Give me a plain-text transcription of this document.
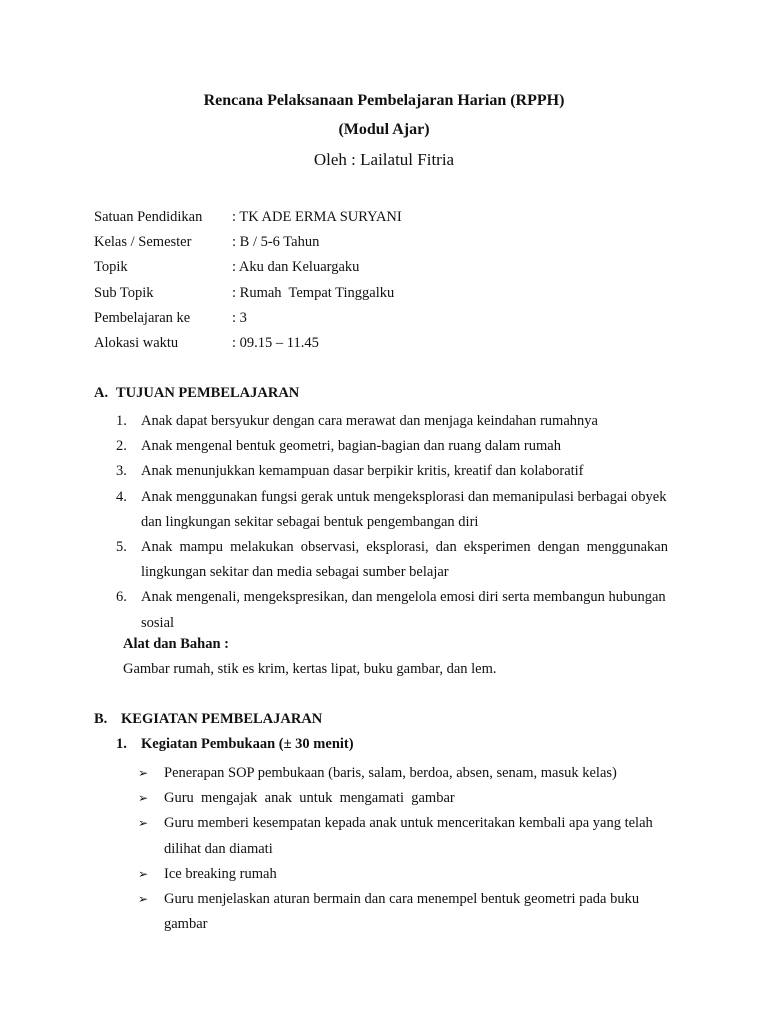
Rencana Pelaksanaan Pembelajaran Harian (RPPH)
(Modul Ajar)
Oleh : Lailatul Fitria
Satuan Pendidikan	: TK ADE ERMA SURYANI
Kelas / Semester	: B / 5-6 Tahun
Topik	: Aku dan Keluargaku
Sub Topik	: Rumah  Tempat Tinggalku
Pembelajaran ke	: 3
Alokasi waktu	: 09.15 – 11.45
A. TUJUAN PEMBELAJARAN
1. Anak dapat bersyukur dengan cara merawat dan menjaga keindahan rumahnya
2. Anak mengenal bentuk geometri, bagian-bagian dan ruang dalam rumah
3. Anak menunjukkan kemampuan dasar berpikir kritis, kreatif dan kolaboratif
4. Anak menggunakan fungsi gerak untuk mengeksplorasi dan memanipulasi berbagai obyek dan lingkungan sekitar sebagai bentuk pengembangan diri
5. Anak mampu melakukan observasi, eksplorasi, dan eksperimen dengan menggunakan lingkungan sekitar dan media sebagai sumber belajar
6. Anak mengenali, mengekspresikan, dan mengelola emosi diri serta membangun hubungan sosial
Alat dan Bahan :
Gambar rumah, stik es krim, kertas lipat, buku gambar, dan lem.
B. KEGIATAN PEMBELAJARAN
1. Kegiatan Pembukaan (± 30 menit)
➢	Penerapan SOP pembukaan (baris, salam, berdoa, absen, senam, masuk kelas)
➢	Guru  mengajak  anak  untuk  mengamati  gambar
➢	Guru memberi kesempatan kepada anak untuk menceritakan kembali apa yang telah dilihat dan diamati
➢	Ice breaking rumah
➢	Guru menjelaskan aturan bermain dan cara menempel bentuk geometri pada buku gambar
